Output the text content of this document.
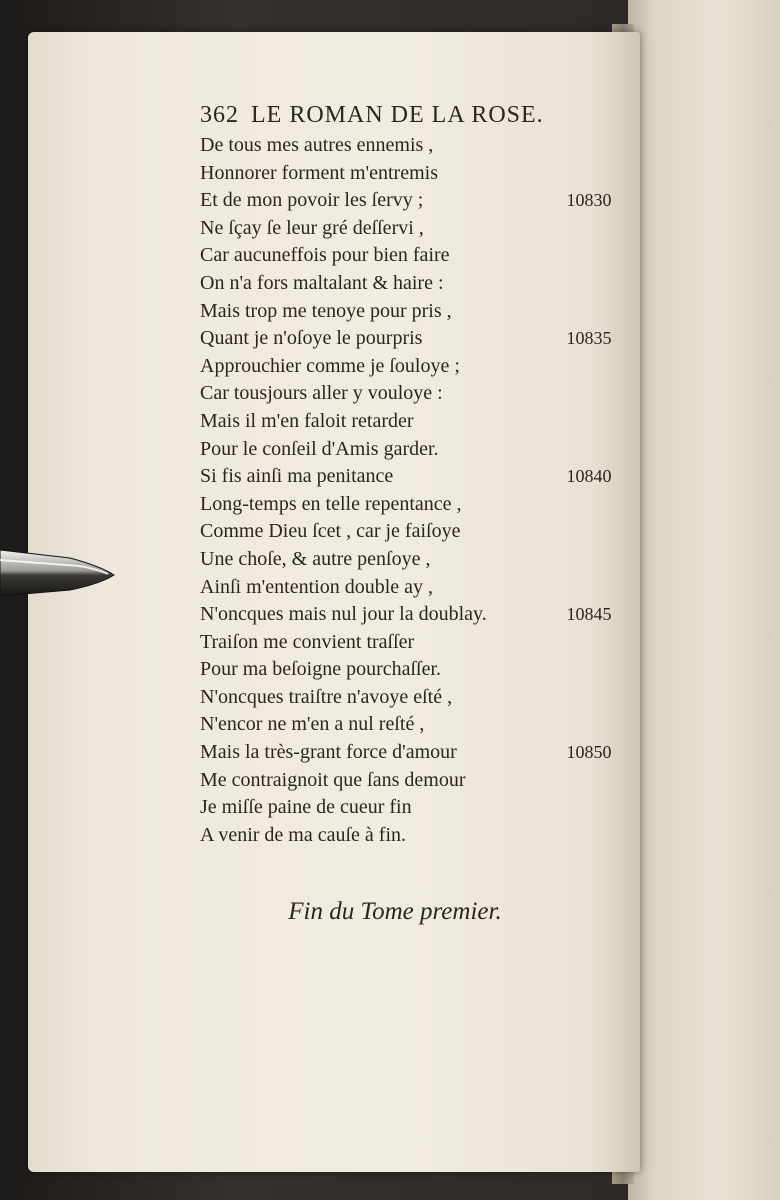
362 LE ROMAN DE LA ROSE.
De tous mes autres ennemis ,
Honnorer forment m'entremis
Et de mon povoir les ſervy ;
Ne ſçay ſe leur gré deſſervi ,
Car aucuneffois pour bien faire
On n'a fors maltalant & haire :
Mais trop me tenoye pour pris ,
Quant je n'oſoye le pourpris
Approuchier comme je ſouloye ;
Car tousjours aller y vouloye :
Mais il m'en faloit retarder
Pour le conſeil d'Amis garder.
Si fis ainſi ma penitance
Long-temps en telle repentance ,
Comme Dieu ſcet , car je faiſoye
Une choſe, & autre penſoye ,
Ainſi m'entention double ay ,
N'oncques mais nul jour la doublay.
Traiſon me convient traſſer
Pour ma beſoigne pourchaſſer.
N'oncques traiſtre n'avoye eſté ,
N'encor ne m'en a nul reſté ,
Mais la très-grant force d'amour
Me contraignoit que ſans demour
Je miſſe paine de cueur fin
A venir de ma cauſe à fin.
10830
10835
10840
10845
10850
Fin du Tome premier.
